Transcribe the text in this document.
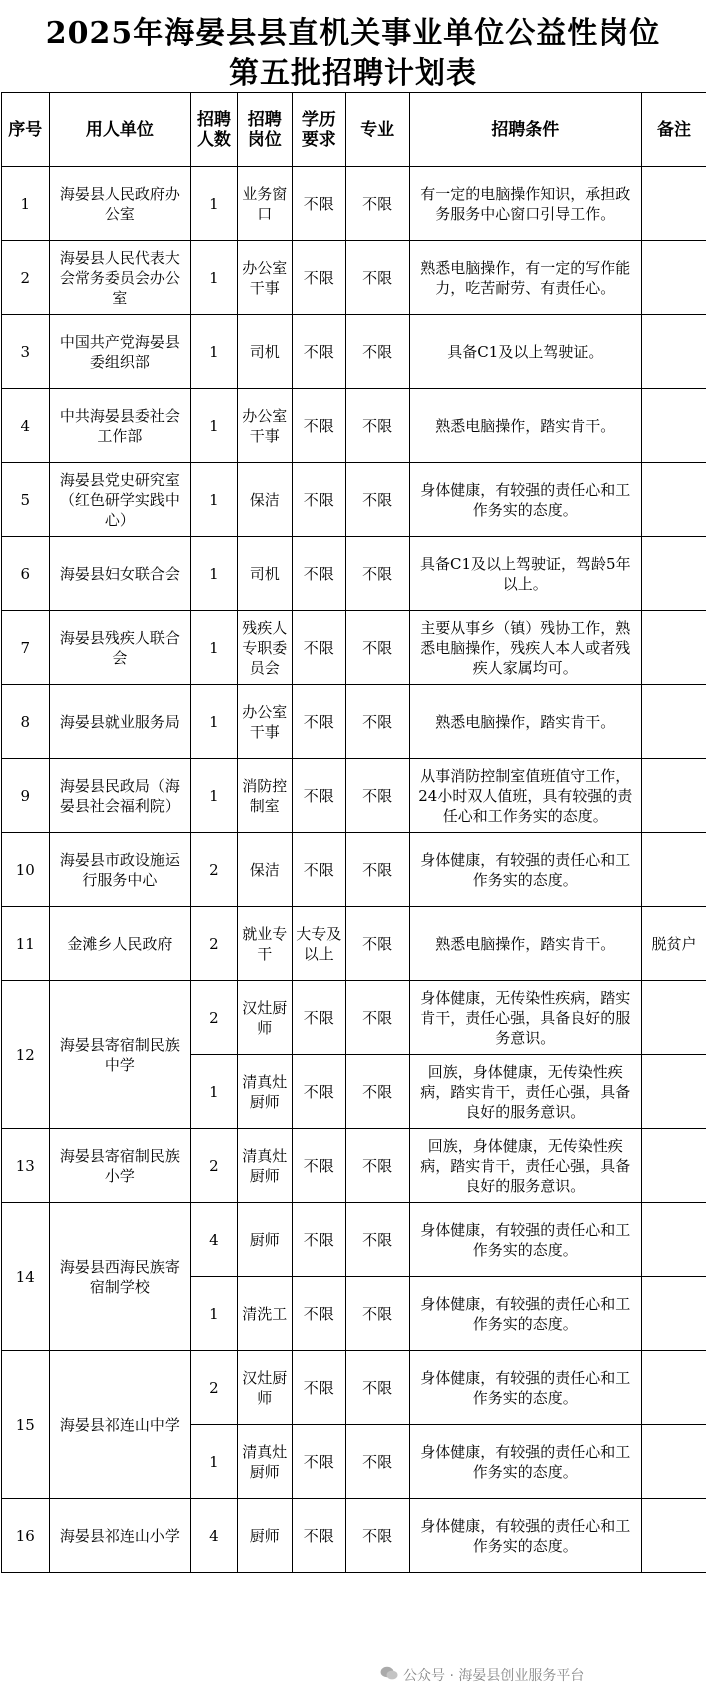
2025年海晏县县直机关事业单位公益性岗位
第五批招聘计划表
序号	用人单位	招聘人数	招聘岗位	学历要求	专业	招聘条件	备注
1	海晏县人民政府办公室	1	业务窗口	不限	不限	有一定的电脑操作知识，承担政务服务中心窗口引导工作。	
2	海晏县人民代表大会常务委员会办公室	1	办公室干事	不限	不限	熟悉电脑操作，有一定的写作能力，吃苦耐劳、有责任心。	
3	中国共产党海晏县委组织部	1	司机	不限	不限	具备C1及以上驾驶证。	
4	中共海晏县委社会工作部	1	办公室干事	不限	不限	熟悉电脑操作，踏实肯干。	
5	海晏县党史研究室（红色研学实践中心）	1	保洁	不限	不限	身体健康，有较强的责任心和工作务实的态度。	
6	海晏县妇女联合会	1	司机	不限	不限	具备C1及以上驾驶证，驾龄5年以上。	
7	海晏县残疾人联合会	1	残疾人专职委员会	不限	不限	主要从事乡（镇）残协工作，熟悉电脑操作，残疾人本人或者残疾人家属均可。	
8	海晏县就业服务局	1	办公室干事	不限	不限	熟悉电脑操作，踏实肯干。	
9	海晏县民政局（海晏县社会福利院）	1	消防控制室	不限	不限	从事消防控制室值班值守工作，24小时双人值班，具有较强的责任心和工作务实的态度。	
10	海晏县市政设施运行服务中心	2	保洁	不限	不限	身体健康，有较强的责任心和工作务实的态度。	
11	金滩乡人民政府	2	就业专干	大专及以上	不限	熟悉电脑操作，踏实肯干。	脱贫户
12	海晏县寄宿制民族中学	2	汉灶厨师	不限	不限	身体健康，无传染性疾病，踏实肯干，责任心强，具备良好的服务意识。	
		1	清真灶厨师	不限	不限	回族，身体健康，无传染性疾病，踏实肯干，责任心强，具备良好的服务意识。	
13	海晏县寄宿制民族小学	2	清真灶厨师	不限	不限	回族，身体健康，无传染性疾病，踏实肯干，责任心强，具备良好的服务意识。	
14	海晏县西海民族寄宿制学校	4	厨师	不限	不限	身体健康，有较强的责任心和工作务实的态度。	
		1	清洗工	不限	不限	身体健康，有较强的责任心和工作务实的态度。	
15	海晏县祁连山中学	2	汉灶厨师	不限	不限	身体健康，有较强的责任心和工作务实的态度。	
		1	清真灶厨师	不限	不限	身体健康，有较强的责任心和工作务实的态度。	
16	海晏县祁连山小学	4	厨师	不限	不限	身体健康，有较强的责任心和工作务实的态度。	
公众号 · 海晏县创业服务平台
